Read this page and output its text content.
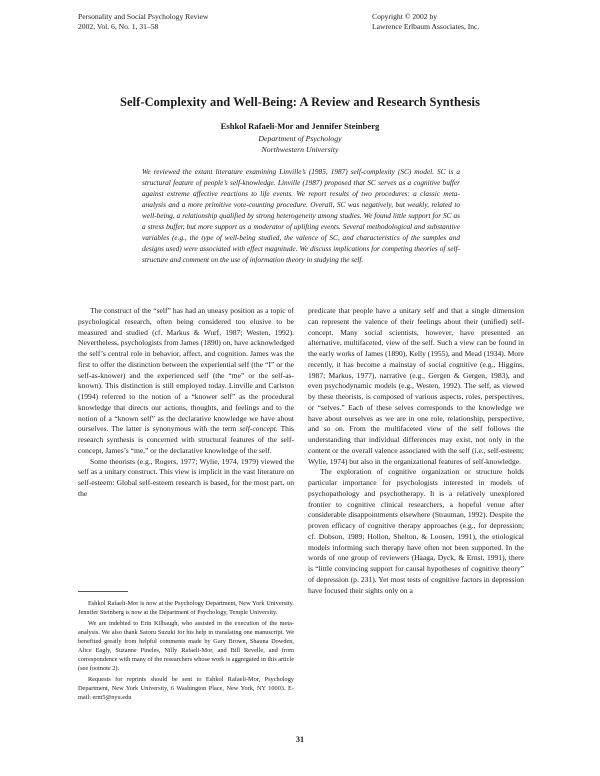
Personality and Social Psychology Review
2002, Vol. 6, No. 1, 31–58
Copyright © 2002 by
Lawrence Erlbaum Associates, Inc.
Self-Complexity and Well-Being: A Review and Research Synthesis
Eshkol Rafaeli-Mor and Jennifer Steinberg
Department of Psychology
Northwestern University
We reviewed the extant literature examining Linville’s (1985, 1987) self-complexity (SC) model. SC is a structural feature of people’s self-knowledge. Linville (1987) proposed that SC serves as a cognitive buffer against extreme affective reactions to life events. We report results of two procedures: a classic meta-analysis and a more primitive vote-counting procedure. Overall, SC was negatively, but weakly, related to well-being, a relationship qualified by strong heterogeneity among studies. We found little support for SC as a stress buffer, but more support as a moderator of uplifting events. Several methodological and substantive variables (e.g., the type of well-being studied, the valence of SC, and characteristics of the samples and designs used) were associated with effect magnitude. We discuss implications for competing theories of self-structure and comment on the use of information theory in studying the self.

The construct of the “self” has had an uneasy position as a topic of psychological research, often being considered too elusive to be measured and studied (cf. Markus & Wurf, 1987; Westen, 1992). Nevertheless, psychologists from James (1890) on, have acknowledged the self’s central role in behavior, affect, and cognition. James was the first to offer the distinction between the experiential self (the “I” or the self-as-knower) and the experienced self (the “me” or the self-as-known). This distinction is still employed today. Linville and Carlston (1994) referred to the notion of a “knower self” as the procedural knowledge that directs our actions, thoughts, and feelings and to the notion of a “known self” as the declarative knowledge we have about ourselves. The latter is synonymous with the term self-concept. This research synthesis is concerned with structural features of the self-concept, James’s “me,” or the declarative knowledge of the self.

Some theorists (e.g., Rogers, 1977; Wylie, 1974, 1979) viewed the self as a unitary construct. This view is implicit in the vast literature on self-esteem: Global self-esteem research is based, for the most part, on the

predicate that people have a unitary self and that a single dimension can represent the valence of their feelings about their (unified) self-concept. Many social scientists, however, have presented an alternative, multifaceted, view of the self. Such a view can be found in the early works of James (1890), Kelly (1955), and Mead (1934). More recently, it has become a mainstay of social cognitive (e.g., Higgins, 1987; Markus, 1977), narrative (e.g., Gergen & Gergen, 1983), and even psychodynamic models (e.g., Westen, 1992). The self, as viewed by these theorists, is composed of various aspects, roles, perspectives, or “selves.” Each of these selves corresponds to the knowledge we have about ourselves as we are in one role, relationship, perspective, and so on. From the multifaceted view of the self follows the understanding that individual differences may exist, not only in the content or the overall valence associated with the self (i.e., self-esteem; Wylie, 1974) but also in the organizational features of self-knowledge.

The exploration of cognitive organization or structure holds particular importance for psychologists interested in models of psychopathology and psychotherapy. It is a relatively unexplored frontier to cognitive clinical researchers, a hopeful venue after considerable disappointments elsewhere (Strauman, 1992). Despite the proven efficacy of cognitive therapy approaches (e.g., for depression; cf. Dobson, 1989; Hollon, Shelton, & Loosen, 1991), the etiological models informing such therapy have often not been supported. In the words of one group of reviewers (Haaga, Dyck, & Ernst, 1991), there is “little convincing support for causal hypotheses of cognitive theory” of depression (p. 231). Yet most tests of cognitive factors in depression have focused their sights only on a

Eshkol Rafaeli-Mor is now at the Psychology Department, New York University. Jennifer Steinberg is now at the Department of Psychology, Temple University.

We are indebted to Erin Kilbaugh, who assisted in the execution of the meta-analysis. We also thank Satoru Suzuki for his help in translating one manuscript. We benefited greatly from helpful comments made by Gary Brown, Shauna Dowden, Alice Eagly, Suzanne Pineles, Nilly Rafaeli-Mor, and Bill Revelle, and from correspondence with many of the researchers whose work is aggregated in this article (see footnote 2).

Requests for reprints should be sent to Eshkol Rafaeli-Mor, Psychology Department, New York University, 6 Washington Place, New York, NY 10003. E-mail: erm5@nyu.edu

31
